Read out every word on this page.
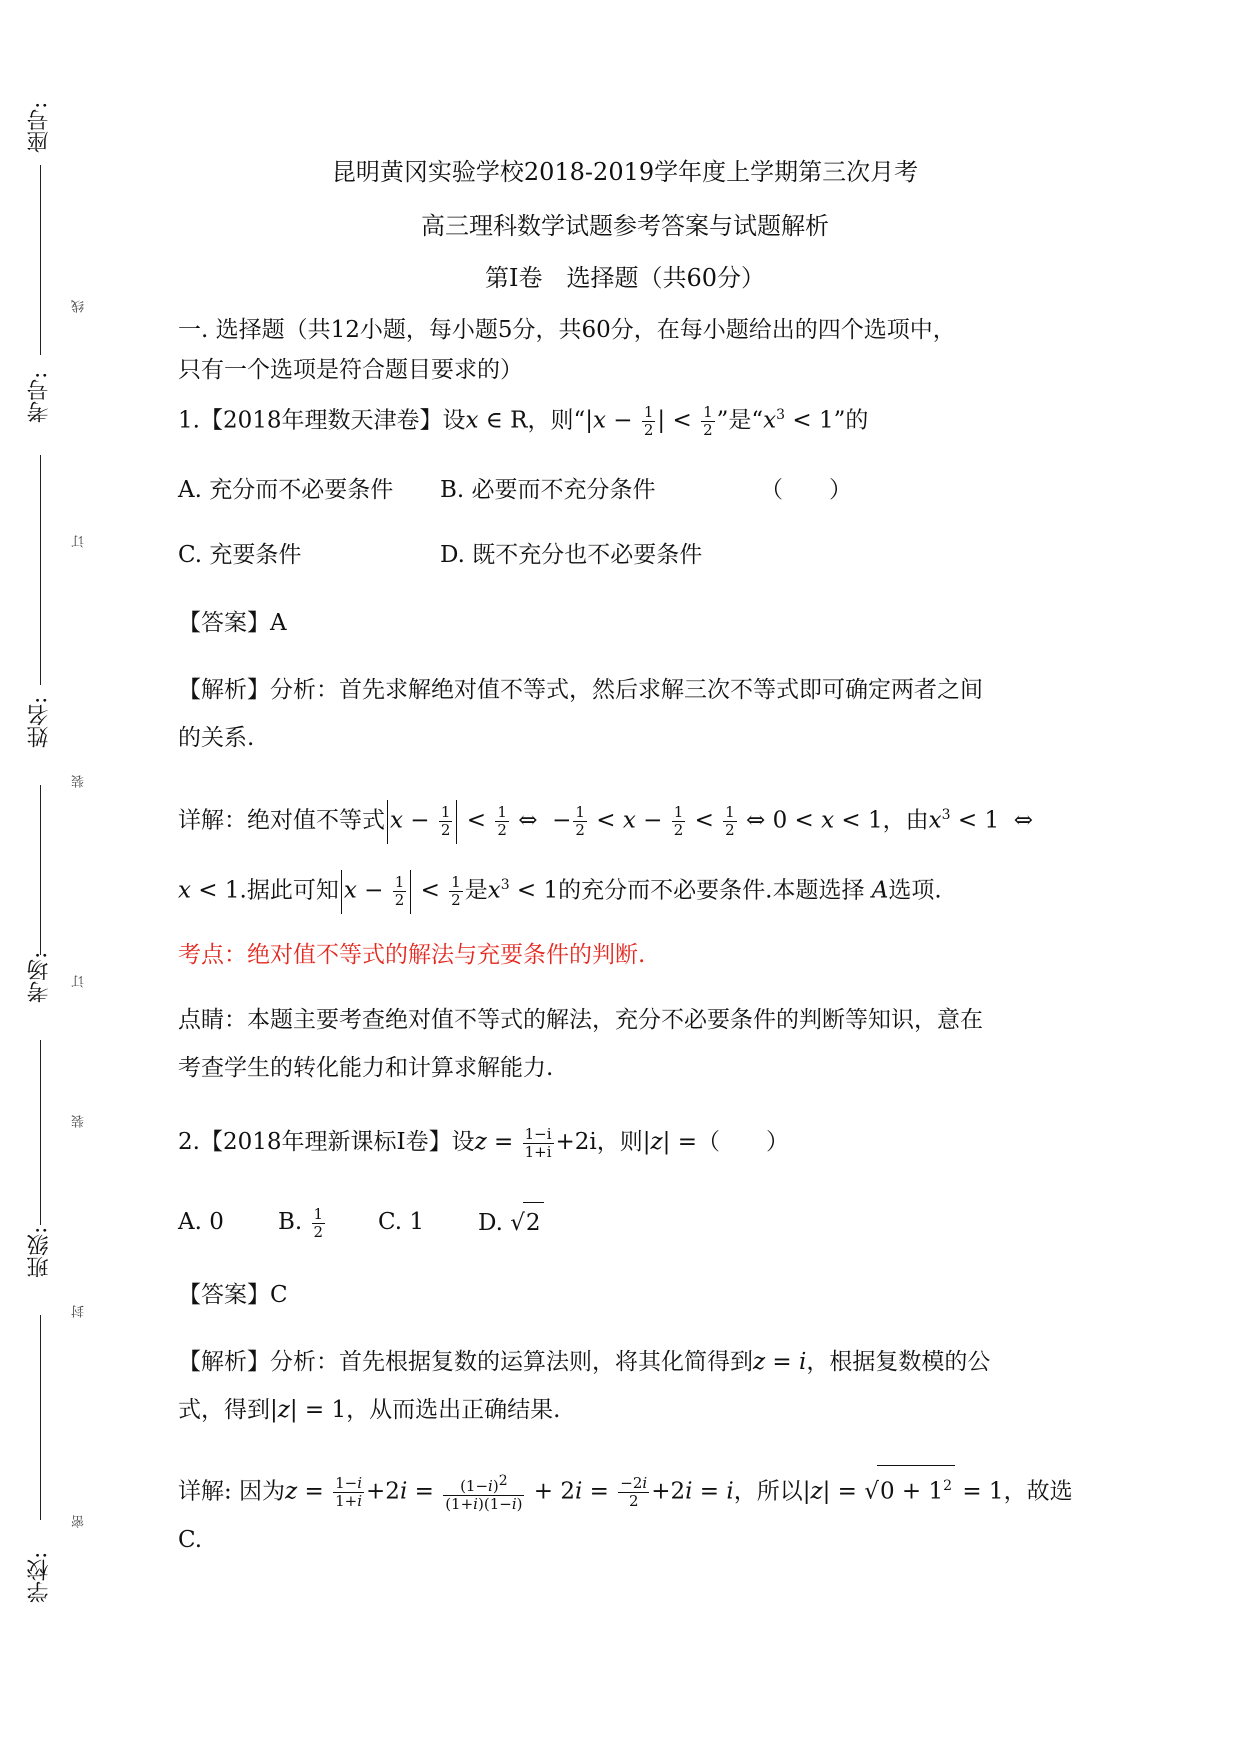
座号:
考号:
姓名:
考场:
班级:
学校:
线
订
装
订
装
封
密
昆明黄冈实验学校2018-2019学年度上学期第三次月考
高三理科数学试题参考答案与试题解析
第Ⅰ卷　选择题（共60分）
一. 选择题（共12小题，每小题5分，共60分，在每小题给出的四个选项中，
只有一个选项是符合题目要求的）
1.【2018年理数天津卷】设x ∈ R，则“$|x - \frac{1}{2}$ | < $\frac{1}{2}$ ”是“$x^3 < 1$”的
A. 充分而不必要条件 B. 必要而不充分条件	（　　）
C. 充要条件	D. 既不充分也不必要条件
【答案】A
【解析】分析：首先求解绝对值不等式，然后求解三次不等式即可确定两者之间
的关系.
详解：绝对值不等式 $x - \frac{1}{2} < \frac{1}{2}$ ⇔  − $\frac{1}{2} < x - \frac{1}{2} < \frac{1}{2}$ ⇔ 0 < x < 1，由$x^3 < 1$  ⇔
x < 1.据此可知 $x - \frac{1}{2} < \frac{1}{2}$ 是$x^3 < 1$的充分而不必要条件.本题选择 A选项.
考点：绝对值不等式的解法与充要条件的判断.
点睛：本题主要考查绝对值不等式的解法，充分不必要条件的判断等知识，意在
考查学生的转化能力和计算求解能力.
2.【2018年理新课标Ⅰ卷】设$z = \frac{1-i}{1+i} +2i$，则|z| =（　　）
A. 0 B. $\frac{1}{2} C$. 1 D. √2
【答案】C
【解析】分析：首先根据复数的运算法则，将其化简得到z = i，根据复数模的公
式，得到|z| = 1，从而选出正确结果.
详解: 因为$z = \frac{1-i}{1+i} +2i = \frac{(1-i)^2}{(1+i)(1-i)} + 2i = \frac{-2i}{2} +2i = i$，所以$|z| = √0 + 1^2 = 1$，故选
C.
